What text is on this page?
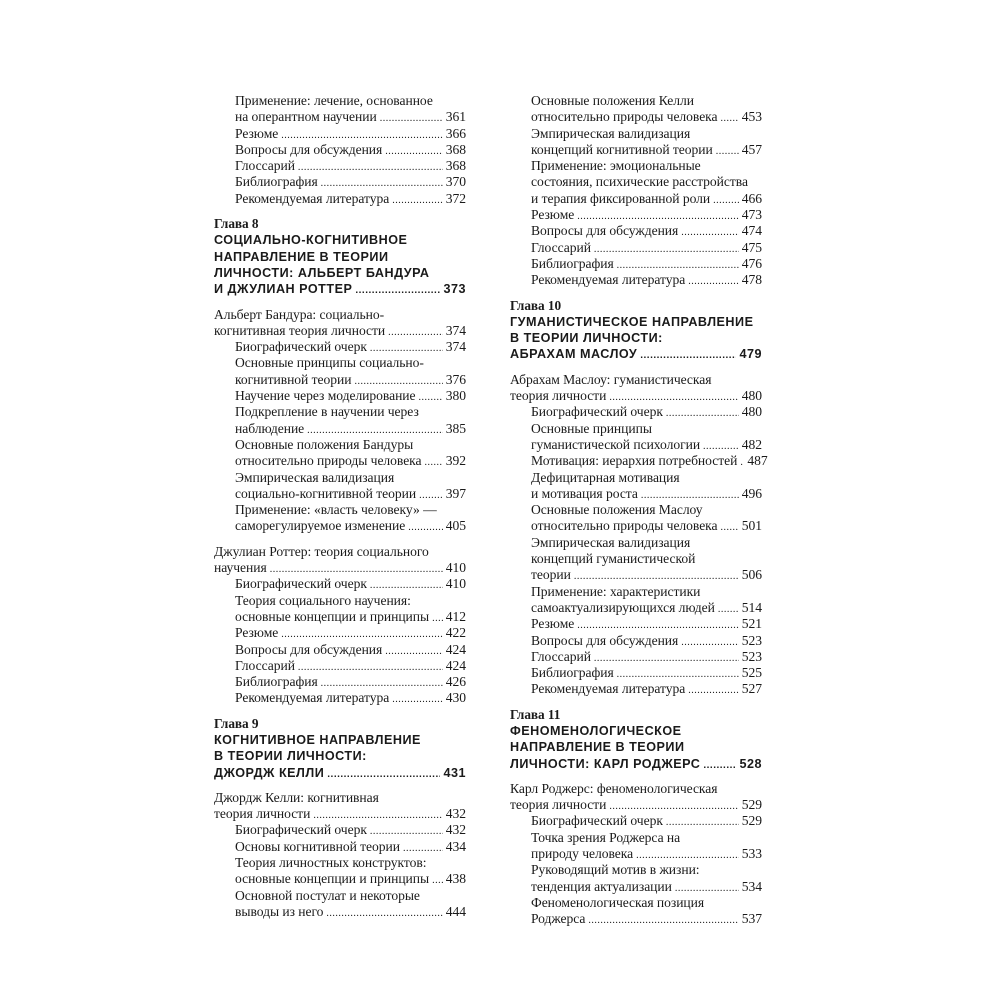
Применение: лечение, основанное
на оперантном научении .....	361
Резюме .....	366
Вопросы для обсуждения .....	368
Глоссарий .....	368
Библиография .....	370
Рекомендуемая литература .....	372
Глава 8
СОЦИАЛЬНО-КОГНИТИВНОЕ
НАПРАВЛЕНИЕ В ТЕОРИИ
ЛИЧНОСТИ: АЛЬБЕРТ БАНДУРА
И ДЖУЛИАН РОТТЕР .....	373
Альберт Бандура: социально-
когнитивная теория личности .....	374
Биографический очерк .....	374
Основные принципы социально-
когнитивной теории .....	376
Научение через моделирование ..... 380
Подкрепление в научении через
наблюдение .....	385
Основные положения Бандуры
относительно природы человека ..... 392
Эмпирическая валидизация
социально-когнитивной теории ..... 397
Применение: «власть человеку» —
саморегулируемое изменение .....	405
Джулиан Роттер: теория социального
научения .....	410
Биографический очерк .....	410
Теория социального научения:
основные концепции и принципы ..... 412
Резюме .....	422
Вопросы для обсуждения .....	424
Глоссарий .....	424
Библиография .....	426
Рекомендуемая литература .....	430
Глава 9
КОГНИТИВНОЕ НАПРАВЛЕНИЕ
В ТЕОРИИ ЛИЧНОСТИ:
ДЖОРДЖ КЕЛЛИ .....	431
Джордж Келли: когнитивная
теория личности .....	432
Биографический очерк .....	432
Основы когнитивной теории .....	434
Теория личностных конструктов:
основные концепции и принципы ..... 438
Основной постулат и некоторые
выводы из него .....	444
Основные положения Келли
относительно природы человека ..... 453
Эмпирическая валидизация
концепций когнитивной теории ..... 457
Применение: эмоциональные
состояния, психические расстройства
и терапия фиксированной роли ..... 466
Резюме .....	473
Вопросы для обсуждения .....	474
Глоссарий .....	475
Библиография .....	476
Рекомендуемая литература .....	478
Глава 10
ГУМАНИСТИЧЕСКОЕ НАПРАВЛЕНИЕ
В ТЕОРИИ ЛИЧНОСТИ:
АБРАХАМ МАСЛОУ .....	479
Абрахам Маслоу: гуманистическая
теория личности .....	480
Биографический очерк .....	480
Основные принципы
гуманистической психологии .....	482
Мотивация: иерархия потребностей ..... 487
Дефицитарная мотивация
и мотивация роста .....	496
Основные положения Маслоу
относительно природы человека ..... 501
Эмпирическая валидизация
концепций гуманистической
теории .....	506
Применение: характеристики
самоактуализирующихся людей ..... 514
Резюме .....	521
Вопросы для обсуждения .....	523
Глоссарий .....	523
Библиография .....	525
Рекомендуемая литература .....	527
Глава 11
ФЕНОМЕНОЛОГИЧЕСКОЕ
НАПРАВЛЕНИЕ В ТЕОРИИ
ЛИЧНОСТИ: КАРЛ РОДЖЕРС .....	528
Карл Роджерс: феноменологическая
теория личности .....	529
Биографический очерк .....	529
Точка зрения Роджерса на
природу человека .....	533
Руководящий мотив в жизни:
тенденция актуализации .....	534
Феноменологическая позиция
Роджерса .....	537
